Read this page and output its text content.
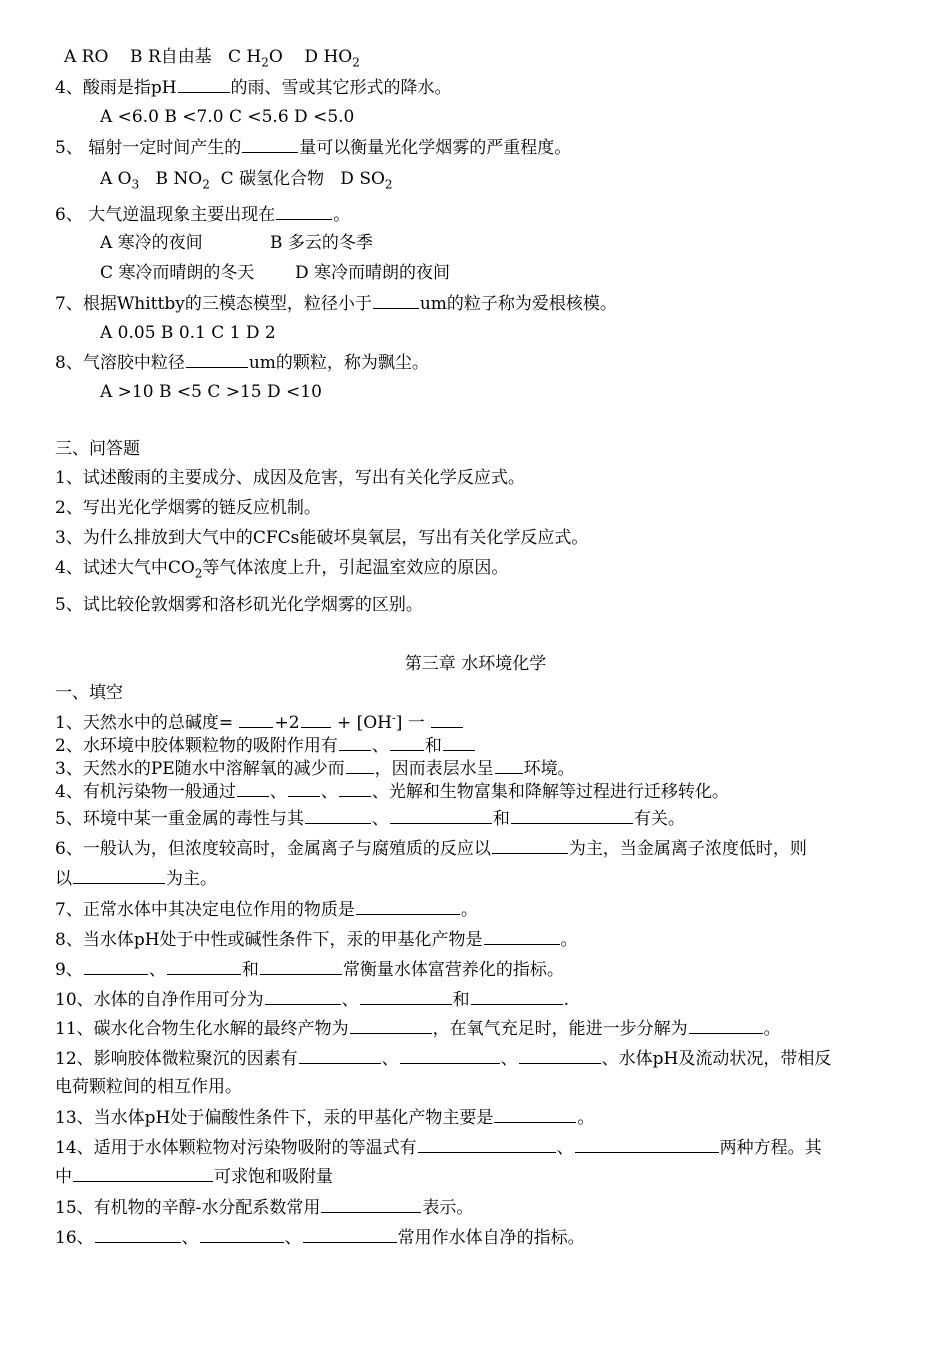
A RO B R自由基 C $H_2O$ D $HO_2$
4、酸雨是指pH	的雨、雪或其它形式的降水。
A <6.0 B <7.0 C <5.6 D <5.0
5、 辐射一定时间产生的	量可以衡量光化学烟雾的严重程度。
A $O_3$ B $NO_2$ C 碳氢化合物 D $SO_2$
6、 大气逆温现象主要出现在	。
A 寒冷的夜间	B 多云的冬季
C 寒冷而晴朗的冬天 D 寒冷而晴朗的夜间
7、根据Whittby的三模态模型，粒径小于	um的粒子称为爱根核模。
A 0.05 B 0.1 C 1 D 2
8、气溶胶中粒径	um的颗粒，称为飘尘。
A >10 B <5 C >15 D <10
三、问答题
1、试述酸雨的主要成分、成因及危害，写出有关化学反应式。
2、写出光化学烟雾的链反应机制。
3、为什么排放到大气中的CFCs能破坏臭氧层，写出有关化学反应式。
4、试述大气中$CO_2$等气体浓度上升，引起温室效应的原因。
5、试比较伦敦烟雾和洛杉矶光化学烟雾的区别。
第三章 水环境化学
一、填空
1、天然水中的总碱度= +2 + [OH-] 一
2、水环境中胶体颗粒物的吸附作用有 、 和
3、天然水的PE随水中溶解氧的减少而 ，因而表层水呈 环境。
4、有机污染物一般通过 、 、 、光解和生物富集和降解等过程进行迁移转化。
5、环境中某一重金属的毒性与其	、	和	有关。
6、一般认为，但浓度较高时，金属离子与腐殖质的反应以	为主，当金属离子浓度低时，则
以	为主。
7、正常水体中其决定电位作用的物质是	。
8、当水体pH处于中性或碱性条件下，汞的甲基化产物是	。
9、	、	和	常衡量水体富营养化的指标。
10、水体的自净作用可分为	、	和	.
11、碳水化合物生化水解的最终产物为	，在氧气充足时，能进一步分解为	。
12、影响胶体微粒聚沉的因素有	、	、	、水体pH及流动状况，带相反
电荷颗粒间的相互作用。
13、当水体pH处于偏酸性条件下，汞的甲基化产物主要是	。
14、适用于水体颗粒物对污染物吸附的等温式有	、	两种方程。其
中	可求饱和吸附量
15、有机物的辛醇-水分配系数常用	表示。
16、	、	、	常用作水体自净的指标。
